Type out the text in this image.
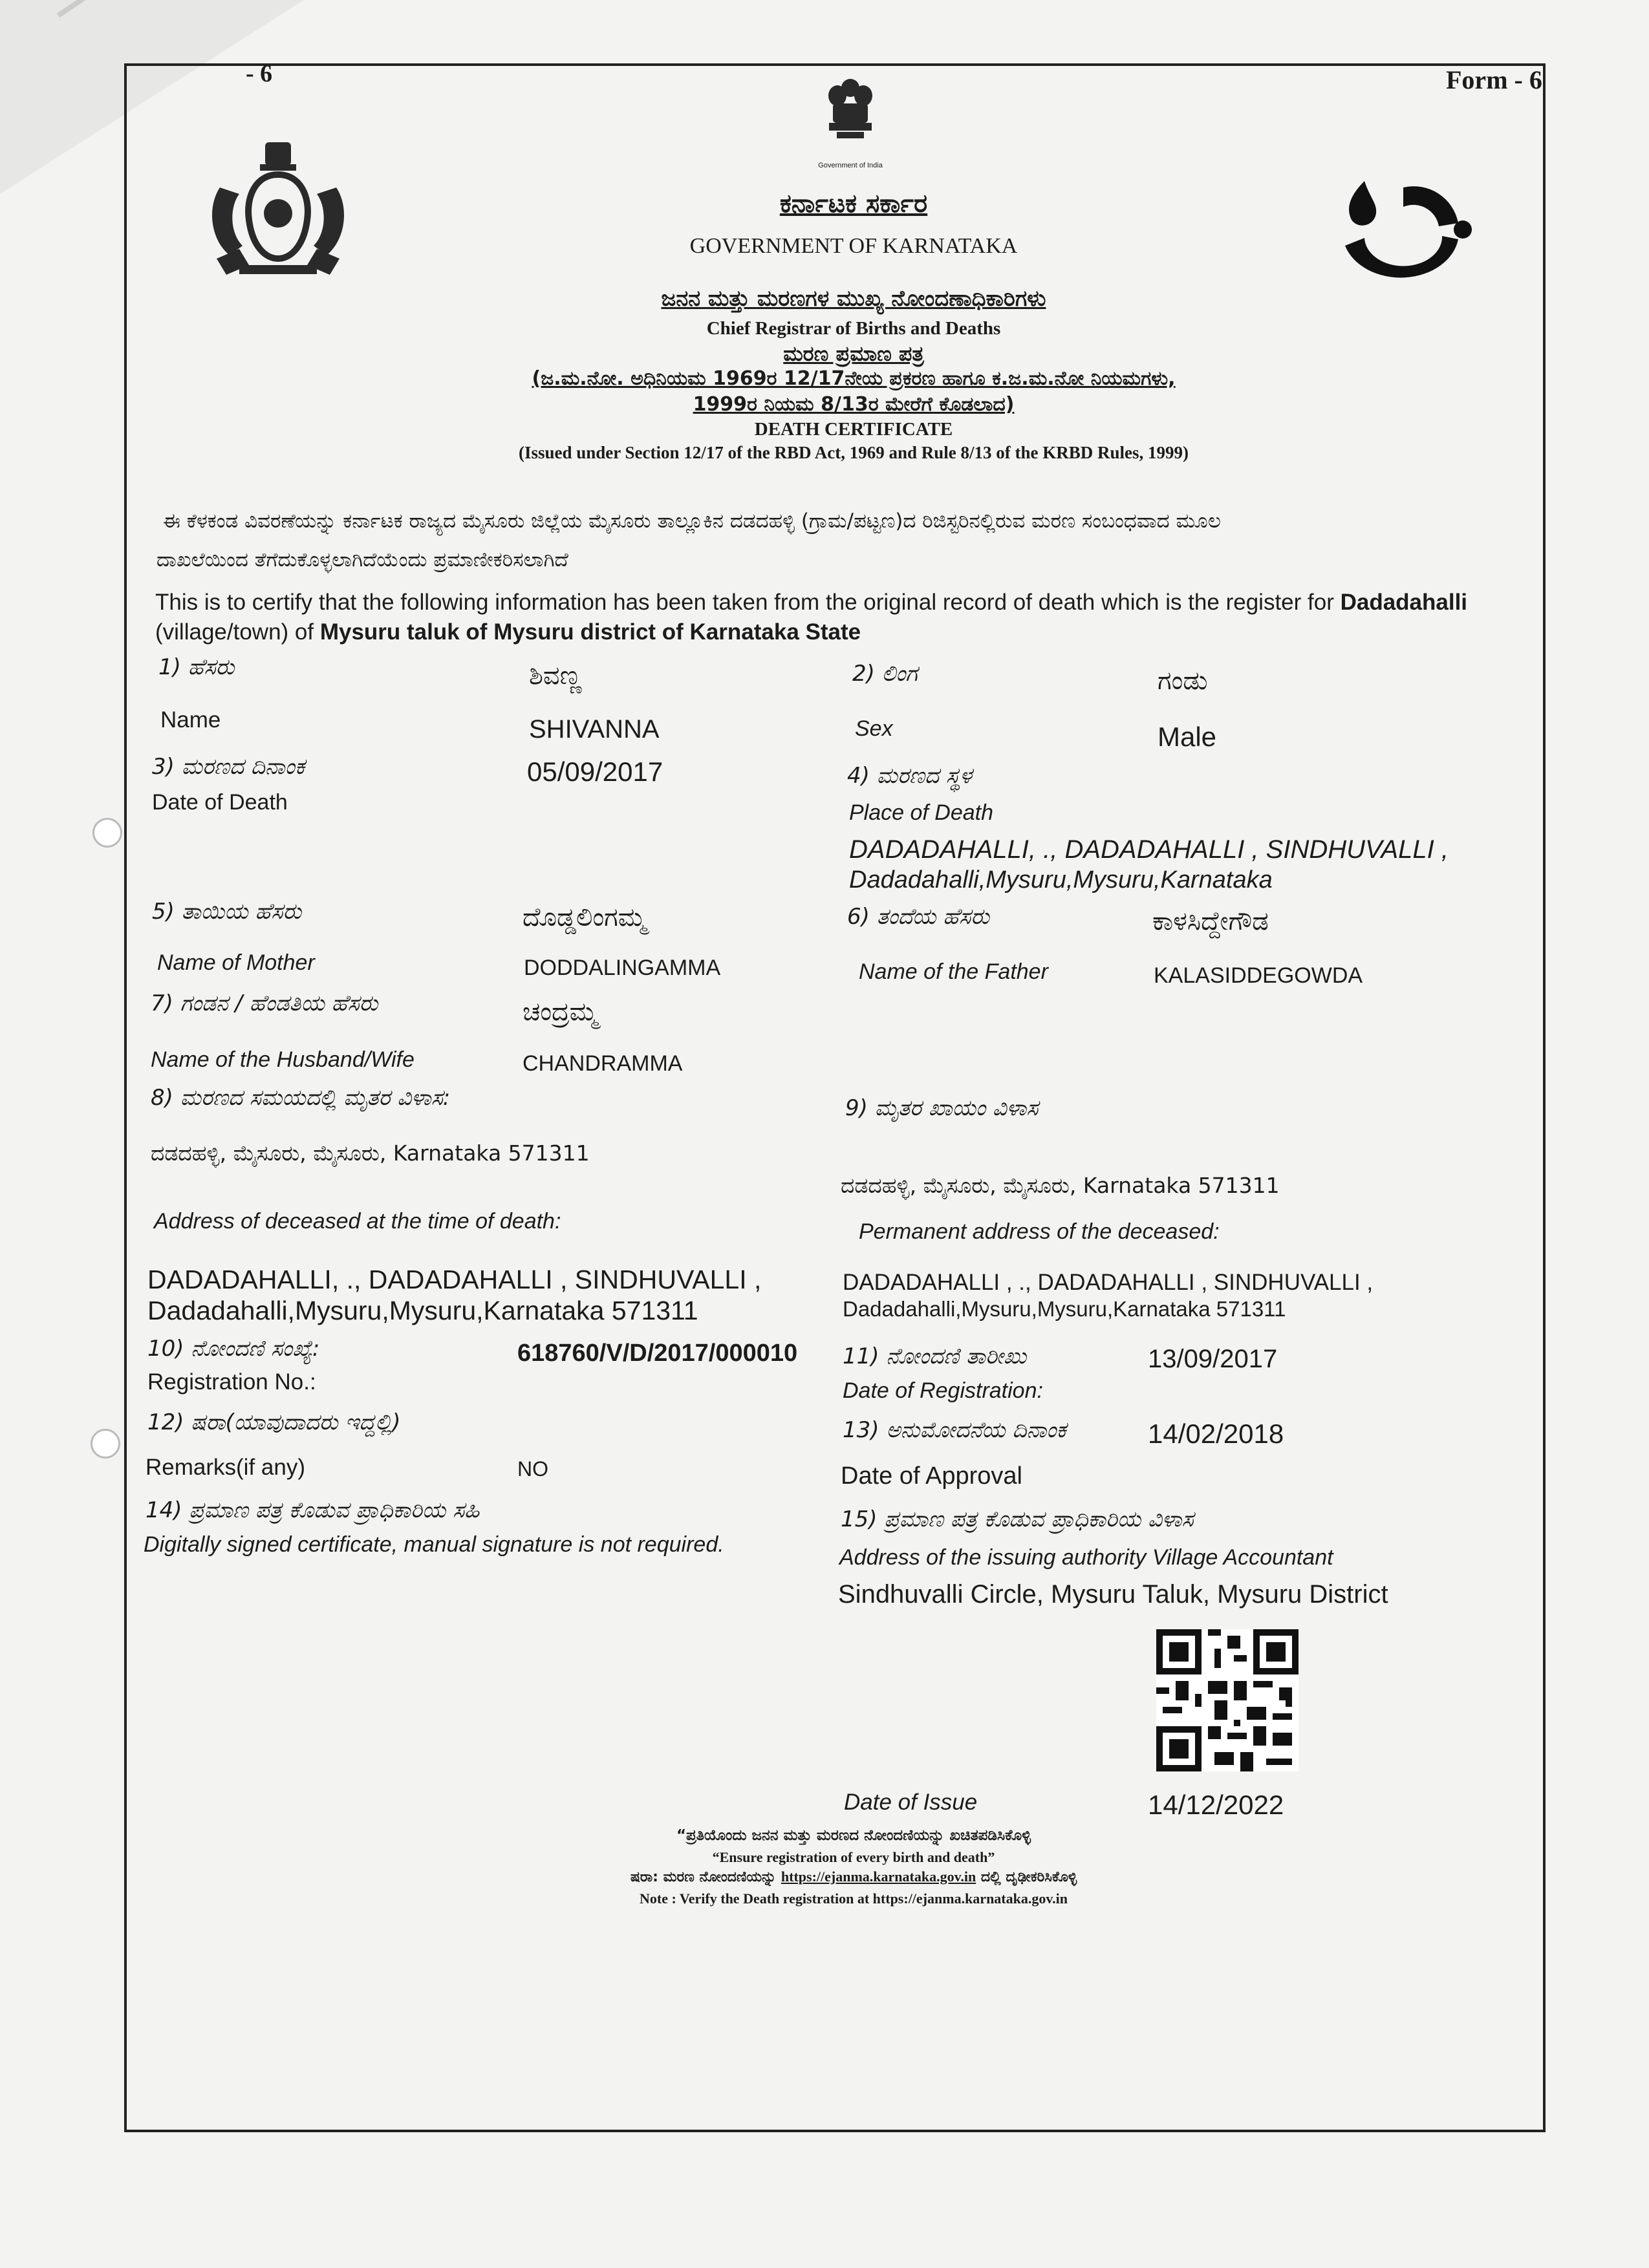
- 6	Form - 6
Government of India
ಕರ್ನಾಟಕ ಸರ್ಕಾರ
GOVERNMENT OF KARNATAKA
ಜನನ ಮತ್ತು ಮರಣಗಳ ಮುಖ್ಯ ನೋಂದಣಾಧಿಕಾರಿಗಳು
Chief Registrar of Births and Deaths
ಮರಣ ಪ್ರಮಾಣ ಪತ್ರ
(ಜ.ಮ.ನೋ. ಅಧಿನಿಯಮ 1969ರ 12/17ನೇಯ ಪ್ರಕರಣ ಹಾಗೂ ಕ.ಜ.ಮ.ನೋ ನಿಯಮಗಳು,
1999ರ ನಿಯಮ 8/13ರ ಮೇರೆಗೆ ಕೊಡಲಾದ)
DEATH CERTIFICATE
(Issued under Section 12/17 of the RBD Act, 1969 and Rule 8/13 of the KRBD Rules, 1999)
ಈ ಕೆಳಕಂಡ ವಿವರಣೆಯನ್ನು ಕರ್ನಾಟಕ ರಾಜ್ಯದ ಮೈಸೂರು ಜಿಲ್ಲೆಯ ಮೈಸೂರು ತಾಲ್ಲೂಕಿನ ದಡದಹಳ್ಳಿ (ಗ್ರಾಮ/ಪಟ್ಟಣ)ದ ರಿಜಿಸ್ಟರಿನಲ್ಲಿರುವ ಮರಣ ಸಂಬಂಧವಾದ ಮೂಲ
ದಾಖಲೆಯಿಂದ ತೆಗೆದುಕೊಳ್ಳಲಾಗಿದೆಯೆಂದು ಪ್ರಮಾಣೀಕರಿಸಲಾಗಿದೆ
This is to certify that the following information has been taken from the original record of death which is the register for Dadadahalli
(village/town) of Mysuru taluk of Mysuru district of Karnataka State
1) ಹೆಸರು	ಶಿವಣ್ಣ	2) ಲಿಂಗ	ಗಂಡು
Name	SHIVANNA	Sex	Male
3) ಮರಣದ ದಿನಾಂಕ	05/09/2017	4) ಮರಣದ ಸ್ಥಳ
Date of Death	Place of Death
DADADAHALLI, ., DADADAHALLI , SINDHUVALLI ,
Dadadahalli,Mysuru,Mysuru,Karnataka
5) ತಾಯಿಯ ಹೆಸರು	ದೊಡ್ಡಲಿಂಗಮ್ಮ	6) ತಂದೆಯ ಹೆಸರು	ಕಾಳಸಿದ್ದೇಗೌಡ
Name of Mother	DODDALINGAMMA	Name of the Father	KALASIDDEGOWDA
7) ಗಂಡನ / ಹೆಂಡತಿಯ ಹೆಸರು	ಚಂದ್ರಮ್ಮ
Name of the Husband/Wife	CHANDRAMMA
8) ಮರಣದ ಸಮಯದಲ್ಲಿ ಮೃತರ ವಿಳಾಸ:	9) ಮೃತರ ಖಾಯಂ ವಿಳಾಸ
ದಡದಹಳ್ಳಿ, ಮೈಸೂರು, ಮೈಸೂರು, Karnataka 571311
ದಡದಹಳ್ಳಿ, ಮೈಸೂರು, ಮೈಸೂರು, Karnataka 571311
Address of deceased at the time of death:	Permanent address of the deceased:
DADADAHALLI, ., DADADAHALLI , SINDHUVALLI ,
Dadadahalli,Mysuru,Mysuru,Karnataka 571311
DADADAHALLI , ., DADADAHALLI , SINDHUVALLI ,
Dadadahalli,Mysuru,Mysuru,Karnataka 571311
10) ನೋಂದಣಿ ಸಂಖ್ಯೆ:	618760/V/D/2017/000010 11) ನೋಂದಣಿ ತಾರೀಖು	13/09/2017
Registration No.:	Date of Registration:
12) ಷರಾ(ಯಾವುದಾದರು ಇದ್ದಲ್ಲಿ)	13) ಅನುಮೋದನೆಯ ದಿನಾಂಕ	14/02/2018
Remarks(if any)	NO	Date of Approval
14) ಪ್ರಮಾಣ ಪತ್ರ ಕೊಡುವ ಪ್ರಾಧಿಕಾರಿಯ ಸಹಿ	15) ಪ್ರಮಾಣ ಪತ್ರ ಕೊಡುವ ಪ್ರಾಧಿಕಾರಿಯ ವಿಳಾಸ
Digitally signed certificate, manual signature is not required.
Address of the issuing authority Village Accountant
Sindhuvalli Circle, Mysuru Taluk, Mysuru District
Date of Issue	14/12/2022
“ಪ್ರತಿಯೊಂದು ಜನನ ಮತ್ತು ಮರಣದ ನೋಂದಣಿಯನ್ನು ಖಚಿತಪಡಿಸಿಕೊಳ್ಳಿ
“Ensure registration of every birth and death”
ಷರಾ: ಮರಣ ನೋಂದಣಿಯನ್ನು https://ejanma.karnataka.gov.in ದಲ್ಲಿ ದೃಢೀಕರಿಸಿಕೊಳ್ಳಿ
Note : Verify the Death registration at https://ejanma.karnataka.gov.in
